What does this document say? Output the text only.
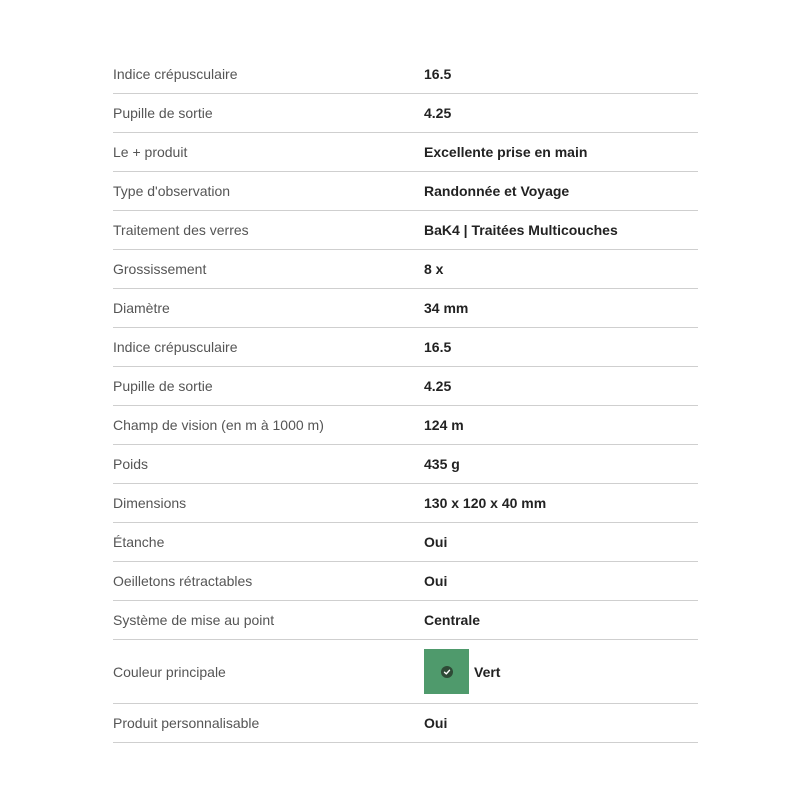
Indice crépusculaire	16.5
Pupille de sortie	4.25
Le + produit	Excellente prise en main
Type d'observation	Randonnée et Voyage
Traitement des verres	BaK4 | Traitées Multicouches
Grossissement	8 x
Diamètre	34 mm
Indice crépusculaire	16.5
Pupille de sortie	4.25
Champ de vision (en m à 1000 m)	124 m
Poids	435 g
Dimensions	130 x 120 x 40 mm
Étanche	Oui
Oeilletons rétractables	Oui
Système de mise au point	Centrale
Couleur principale	Vert
Produit personnalisable	Oui
